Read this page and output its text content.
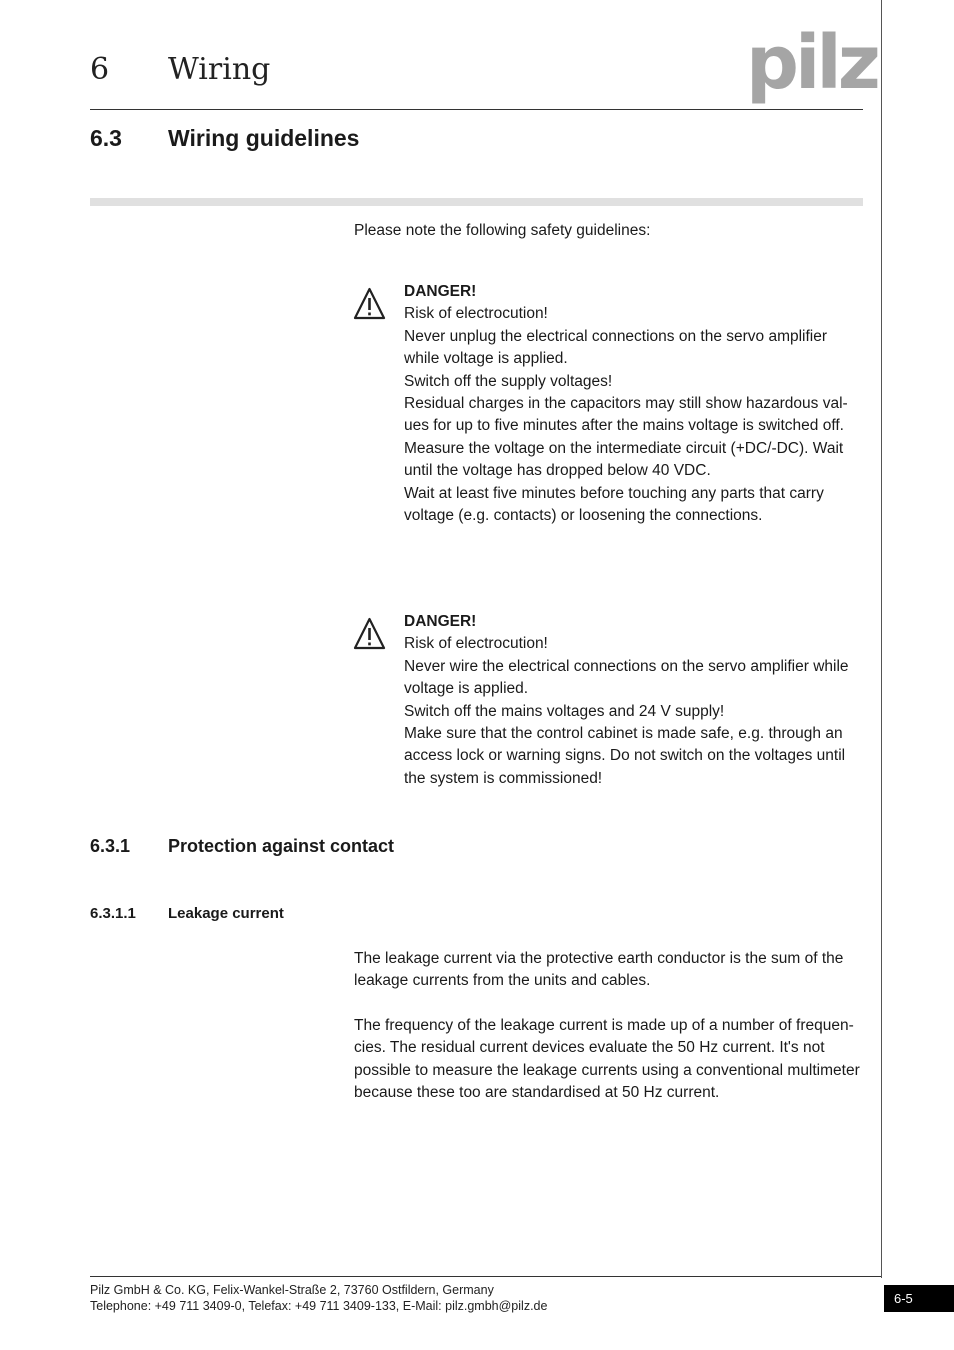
6 Wiring	pilz
6.3 Wiring guidelines
Please note the following safety guidelines:
DANGER!
Risk of electrocution!
Never unplug the electrical connections on the servo amplifier while voltage is applied.
Switch off the supply voltages!
Residual charges in the capacitors may still show hazardous values for up to five minutes after the mains voltage is switched off.
Measure the voltage on the intermediate circuit (+DC/-DC). Wait until the voltage has dropped below 40 VDC.
Wait at least five minutes before touching any parts that carry voltage (e.g. contacts) or loosening the connections.
DANGER!
Risk of electrocution!
Never wire the electrical connections on the servo amplifier while voltage is applied.
Switch off the mains voltages and 24 V supply!
Make sure that the control cabinet is made safe, e.g. through an access lock or warning signs. Do not switch on the voltages until the system is commissioned!
6.3.1 Protection against contact
6.3.1.1 Leakage current
The leakage current via the protective earth conductor is the sum of the leakage currents from the units and cables.
The frequency of the leakage current is made up of a number of frequencies. The residual current devices evaluate the 50 Hz current. It's not possible to measure the leakage currents using a conventional multimeter because these too are standardised at 50 Hz current.
Pilz GmbH & Co. KG, Felix-Wankel-Straße 2, 73760 Ostfildern, Germany
Telephone: +49 711 3409-0, Telefax: +49 711 3409-133, E-Mail: pilz.gmbh@pilz.de	6-5
